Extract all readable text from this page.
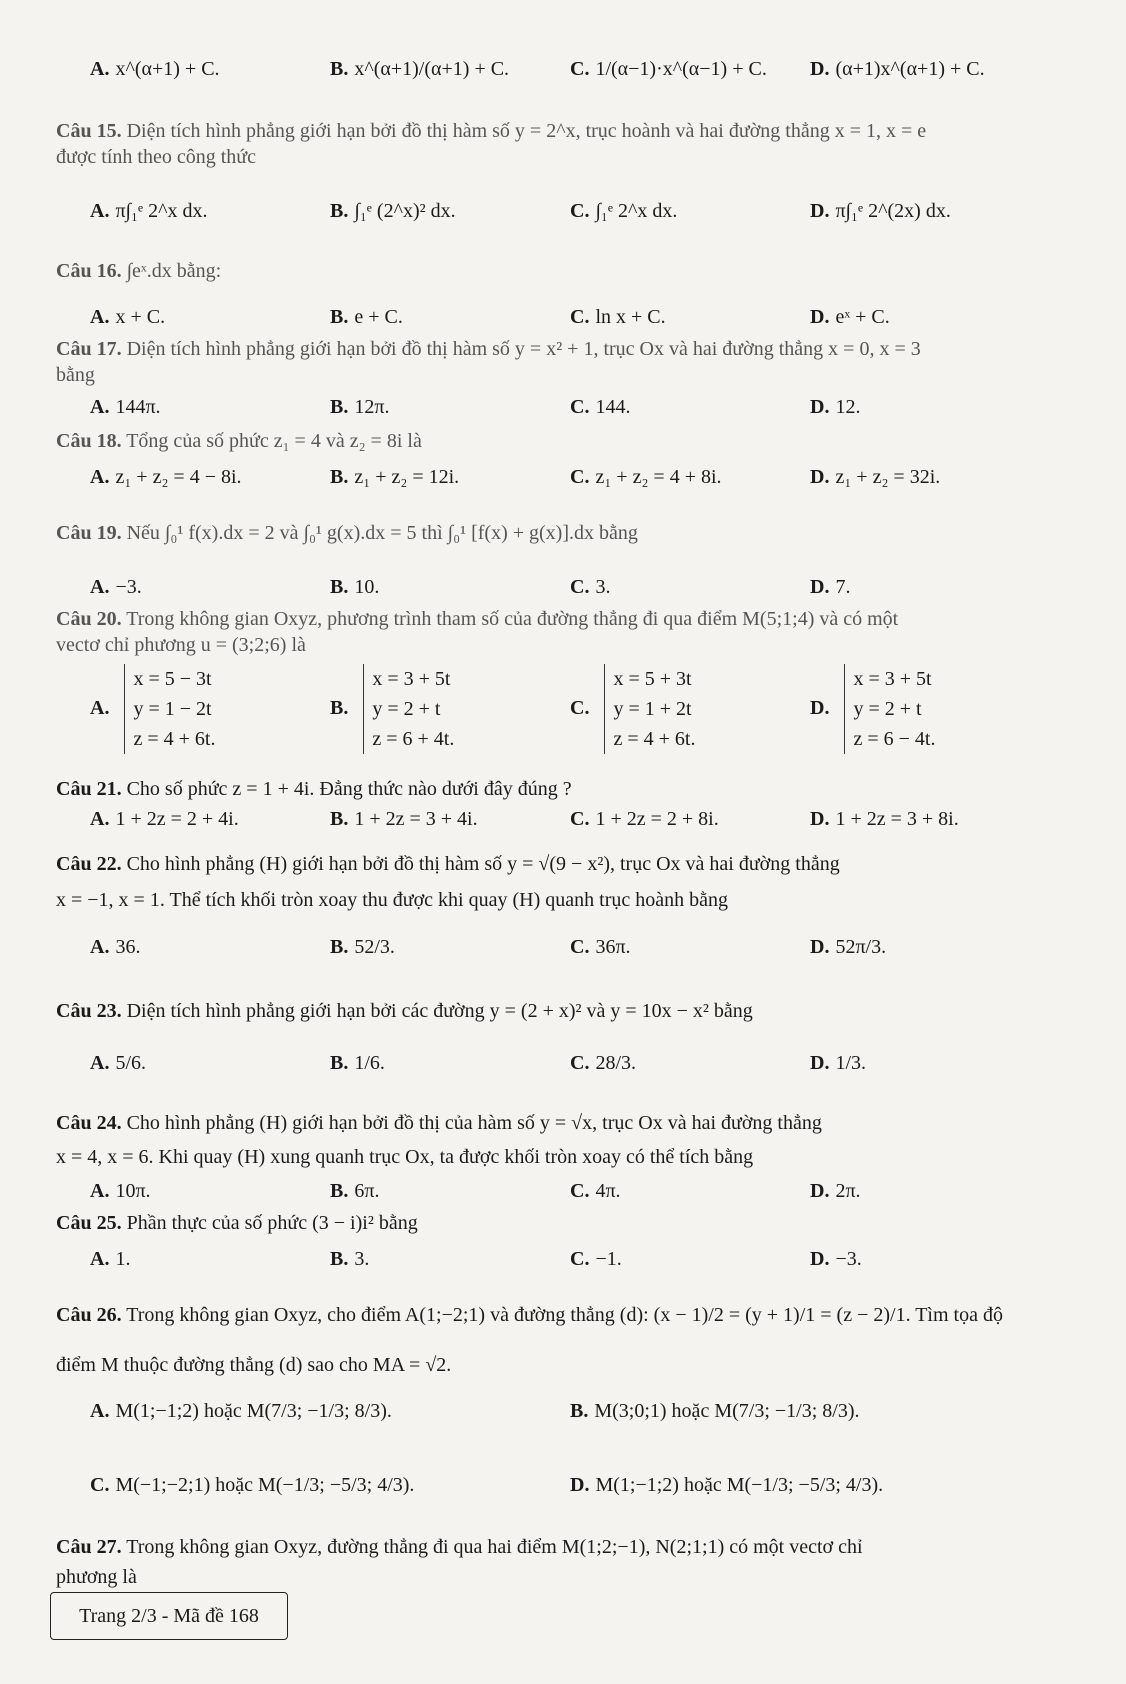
A. x^(α+1) + C.	B. x^(α+1)/(α+1) + C.	C. 1/(α−1)·x^(α−1) + C. D. (α+1)x^(α+1) + C.
Câu 15. Diện tích hình phẳng giới hạn bởi đồ thị hàm số y = 2^x, trục hoành và hai đường thẳng x = 1, x = e
được tính theo công thức
A. π∫₁ᵉ 2^x dx.	B. ∫₁ᵉ (2^x)² dx.	C. ∫₁ᵉ 2^x dx.	D. π∫₁ᵉ 2^(2x) dx.
Câu 16. ∫eˣ.dx bằng:
A. x + C.	B. e + C.	C. ln x + C.	D. eˣ + C.
Câu 17. Diện tích hình phẳng giới hạn bởi đồ thị hàm số y = x² + 1, trục Ox và hai đường thẳng x = 0, x = 3
bằng
A. 144π.	B. 12π.	C. 144.	D. 12.
Câu 18. Tổng của số phức z₁ = 4 và z₂ = 8i là
A. z₁ + z₂ = 4 − 8i.	B. z₁ + z₂ = 12i.	C. z₁ + z₂ = 4 + 8i.	D. z₁ + z₂ = 32i.
Câu 19. Nếu ∫₀¹ f(x).dx = 2 và ∫₀¹ g(x).dx = 5 thì ∫₀¹ [f(x) + g(x)].dx bằng
A. −3.	B. 10.	C. 3.	D. 7.
Câu 20. Trong không gian Oxyz, phương trình tham số của đường thẳng đi qua điểm M(5;1;4) và có một
vectơ chỉ phương u = (3;2;6) là
A. x = 5 − 3t
y = 1 − 2t
z = 4 + 6t.
B. x = 3 + 5t
y = 2 + t
z = 6 + 4t.
C. x = 5 + 3t
y = 1 + 2t
z = 4 + 6t.
D. x = 3 + 5t
y = 2 + t
z = 6 − 4t.
Câu 21. Cho số phức z = 1 + 4i. Đẳng thức nào dưới đây đúng ?
A. 1 + 2z = 2 + 4i.	B. 1 + 2z = 3 + 4i.	C. 1 + 2z = 2 + 8i.	D. 1 + 2z = 3 + 8i.
Câu 22. Cho hình phẳng (H) giới hạn bởi đồ thị hàm số y = √(9 − x²), trục Ox và hai đường thẳng
x = −1, x = 1. Thể tích khối tròn xoay thu được khi quay (H) quanh trục hoành bằng
A. 36.	B. 52/3.	C. 36π.	D. 52π/3.
Câu 23. Diện tích hình phẳng giới hạn bởi các đường y = (2 + x)² và y = 10x − x² bằng
A. 5/6.	B. 1/6.	C. 28/3.	D. 1/3.
Câu 24. Cho hình phẳng (H) giới hạn bởi đồ thị của hàm số y = √x, trục Ox và hai đường thẳng
x = 4, x = 6. Khi quay (H) xung quanh trục Ox, ta được khối tròn xoay có thể tích bằng
A. 10π.	B. 6π.	C. 4π.	D. 2π.
Câu 25. Phần thực của số phức (3 − i)i² bằng
A. 1.	B. 3.	C. −1.	D. −3.
Câu 26. Trong không gian Oxyz, cho điểm A(1;−2;1) và đường thẳng (d): (x − 1)/2 = (y + 1)/1 = (z − 2)/1. Tìm tọa độ
điểm M thuộc đường thẳng (d) sao cho MA = √2.
A. M(1;−1;2) hoặc M(7/3; −1/3; 8/3).	B. M(3;0;1) hoặc M(7/3; −1/3; 8/3).
C. M(−1;−2;1) hoặc M(−1/3; −5/3; 4/3).	D. M(1;−1;2) hoặc M(−1/3; −5/3; 4/3).
Câu 27. Trong không gian Oxyz, đường thẳng đi qua hai điểm M(1;2;−1), N(2;1;1) có một vectơ chỉ
phương là
Trang 2/3 - Mã đề 168
